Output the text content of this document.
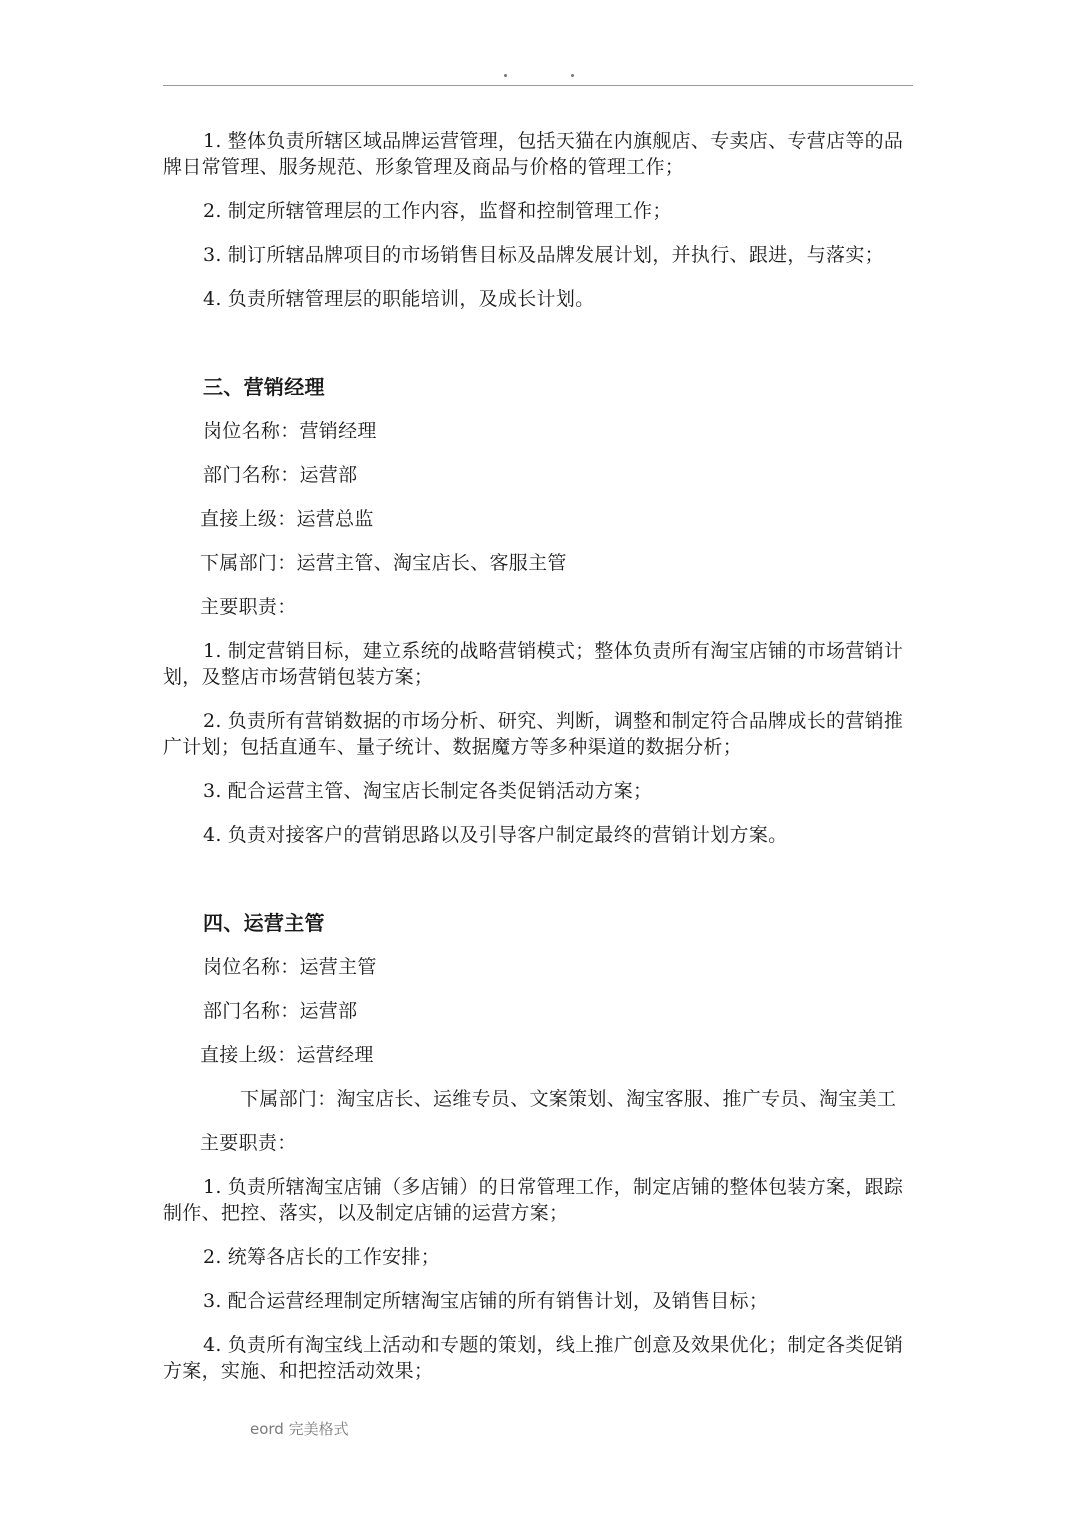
1. 整体负责所辖区域品牌运营管理，包括天猫在内旗舰店、专卖店、专营店等的品牌日常管理、服务规范、形象管理及商品与价格的管理工作；

2. 制定所辖管理层的工作内容，监督和控制管理工作；

3. 制订所辖品牌项目的市场销售目标及品牌发展计划，并执行、跟进，与落实；

4. 负责所辖管理层的职能培训，及成长计划。

三、营销经理

岗位名称：营销经理

部门名称：运营部

直接上级：运营总监

下属部门：运营主管、淘宝店长、客服主管

主要职责：

1. 制定营销目标，建立系统的战略营销模式；整体负责所有淘宝店铺的市场营销计划，及整店市场营销包装方案；

2. 负责所有营销数据的市场分析、研究、判断，调整和制定符合品牌成长的营销推广计划；包括直通车、量子统计、数据魔方等多种渠道的数据分析；

3. 配合运营主管、淘宝店长制定各类促销活动方案；

4. 负责对接客户的营销思路以及引导客户制定最终的营销计划方案。

四、运营主管

岗位名称：运营主管

部门名称：运营部

直接上级：运营经理

下属部门：淘宝店长、运维专员、文案策划、淘宝客服、推广专员、淘宝美工

主要职责：

1. 负责所辖淘宝店铺（多店铺）的日常管理工作，制定店铺的整体包装方案，跟踪制作、把控、落实，以及制定店铺的运营方案；

2. 统筹各店长的工作安排；

3. 配合运营经理制定所辖淘宝店铺的所有销售计划，及销售目标；

4. 负责所有淘宝线上活动和专题的策划，线上推广创意及效果优化；制定各类促销方案，实施、和把控活动效果；

eord 完美格式
